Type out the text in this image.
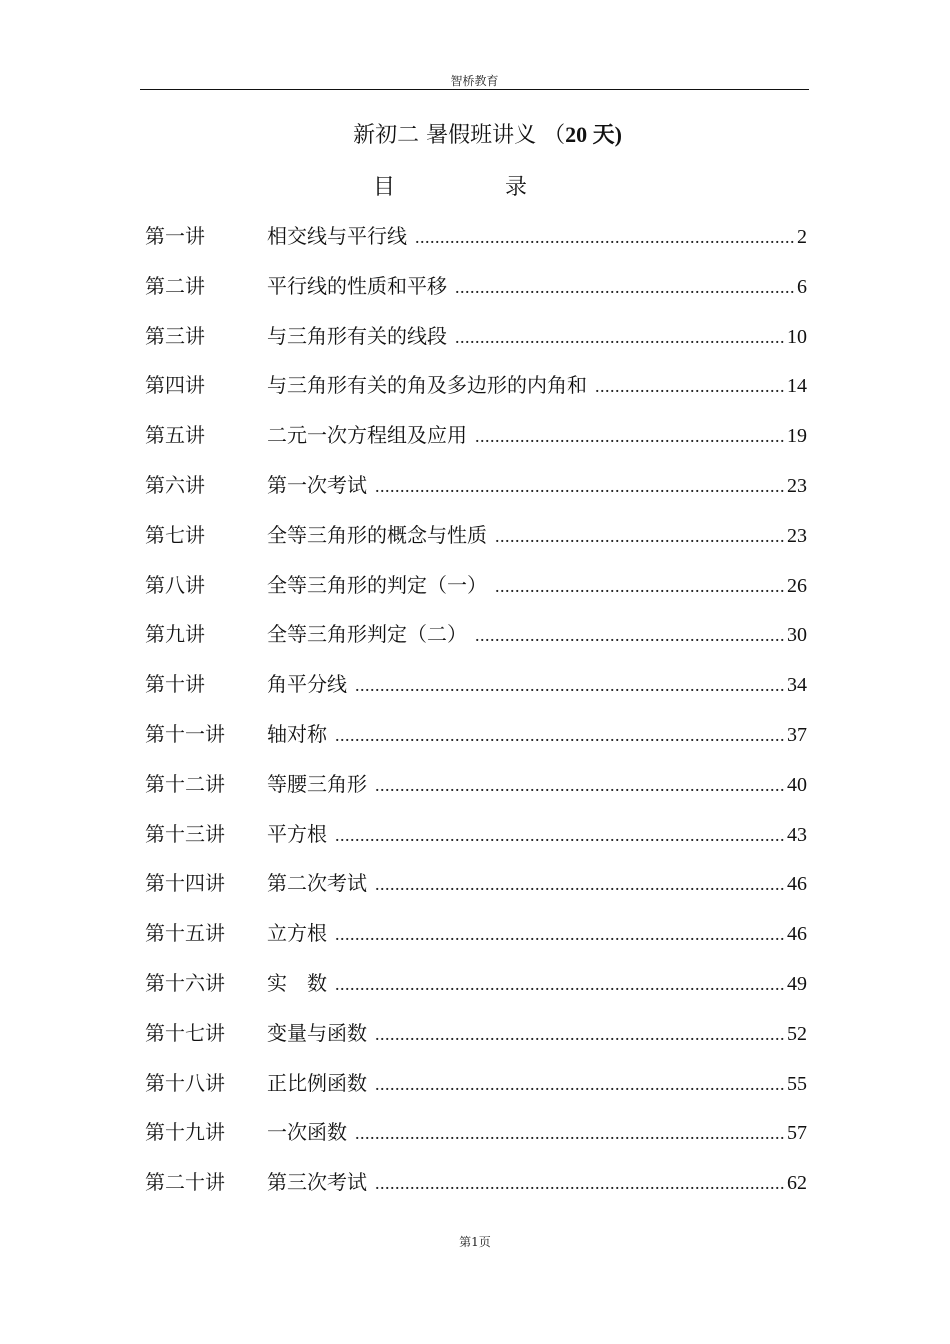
智桥教育
新初二 暑假班讲义 （20 天)
目	录
第一讲	相交线与平行线 .....	2
第二讲	平行线的性质和平移 .....	6
第三讲	与三角形有关的线段 .....	10
第四讲	与三角形有关的角及多边形的内角和 .....	14
第五讲	二元一次方程组及应用 .....	19
第六讲	第一次考试 .....	23
第七讲	全等三角形的概念与性质 .....	23
第八讲	全等三角形的判定（一） .....	26
第九讲	全等三角形判定（二） .....	30
第十讲	角平分线 .....	34
第十一讲	轴对称 .....	37
第十二讲	等腰三角形 .....	40
第十三讲	平方根 .....	43
第十四讲	第二次考试 .....	46
第十五讲	立方根 .....	46
第十六讲	实　数 .....	49
第十七讲	变量与函数 .....	52
第十八讲	正比例函数 .....	55
第十九讲	一次函数 .....	57
第二十讲	第三次考试 .....	62
第1页
